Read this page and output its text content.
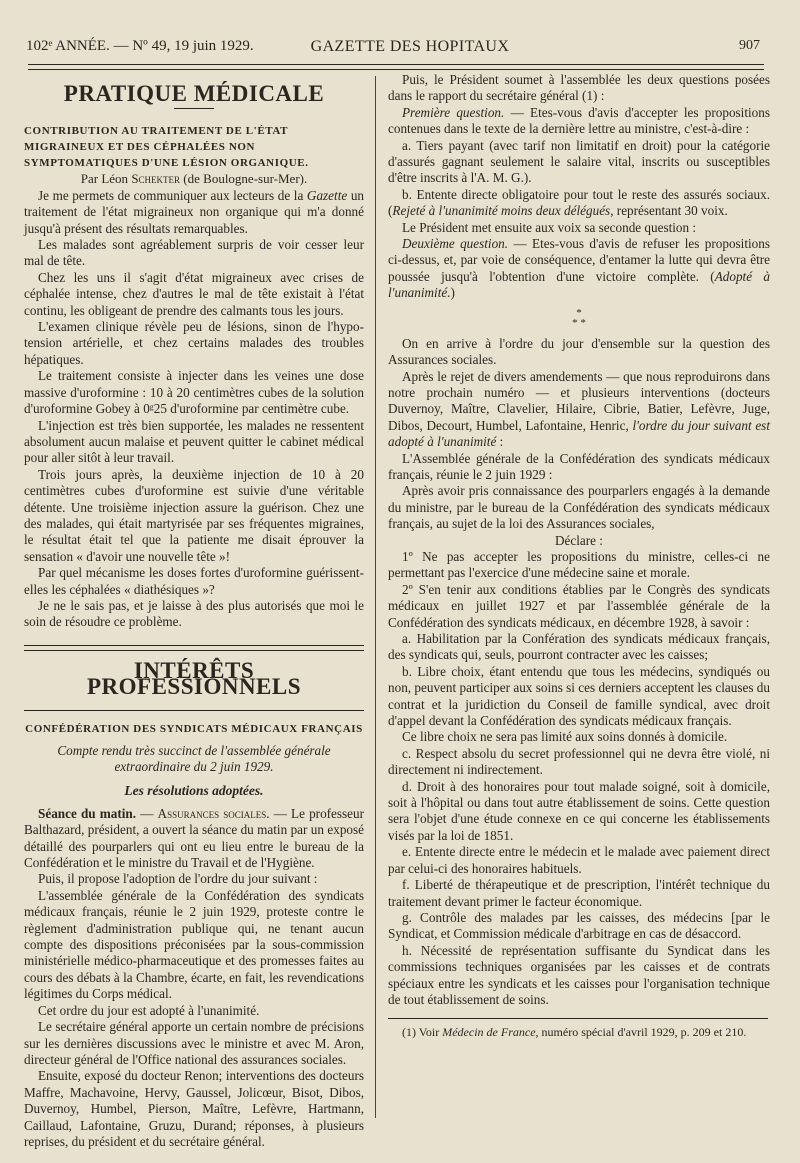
102ᵉ ANNÉE. — Nº 49, 19 juin 1929.	GAZETTE DES HOPITAUX	907
PRATIQUE MÉDICALE

CONTRIBUTION AU TRAITEMENT DE L'ÉTAT MIGRAINEUX ET DES CÉPHALÉES NON SYMPTOMATIQUES D'UNE LÉSION ORGANIQUE.

Par Léon Schekter (de Boulogne-sur-Mer).

Je me permets de communiquer aux lecteurs de la Gazette un traitement de l'état migraineux non organique qui m'a donné jusqu'à présent des résultats remarquables.

Les malades sont agréablement surpris de voir cesser leur mal de tête.

Chez les uns il s'agit d'état migraineux avec crises de céphalée intense, chez d'autres le mal de tête existait à l'état continu, les obligeant de prendre des calmants tous les jours.

L'examen clinique révèle peu de lésions, sinon de l'hypo-tension artérielle, et chez certains malades des troubles hépatiques.

Le traitement consiste à injecter dans les veines une dose massive d'uroformine : 10 à 20 centimètres cubes de la solution d'uroformine Gobey à 0ᵍ25 d'uroformine par centimètre cube.

L'injection est très bien supportée, les malades ne ressentent absolument aucun malaise et peuvent quitter le cabinet médical pour aller sitôt à leur travail.

Trois jours après, la deuxième injection de 10 à 20 centimètres cubes d'uroformine est suivie d'une véritable détente. Une troisième injection assure la guérison. Chez une des malades, qui était martyrisée par ses fréquentes migraines, le résultat était tel que la patiente me disait éprouver la sensation « d'avoir une nouvelle tête »!

Par quel mécanisme les doses fortes d'uroformine guérissent-elles les céphalées « diathésiques »?

Je ne le sais pas, et je laisse à des plus autorisés que moi le soin de résoudre ce problème.

INTÉRÊTS PROFESSIONNELS

CONFÉDÉRATION DES SYNDICATS MÉDICAUX FRANÇAIS

Compte rendu très succinct de l'assemblée générale extraordinaire du 2 juin 1929.

Les résolutions adoptées.

Séance du matin. — Assurances sociales. — Le professeur Balthazard, président, a ouvert la séance du matin par un exposé détaillé des pourparlers qui ont eu lieu entre le bureau de la Confédération et le ministre du Travail et de l'Hygiène.

Puis, il propose l'adoption de l'ordre du jour suivant :

L'assemblée générale de la Confédération des syndicats médicaux français, réunie le 2 juin 1929, proteste contre le règlement d'administration publique qui, ne tenant aucun compte des dispositions préconisées par la sous-commission ministérielle médico-pharmaceutique et des promesses faites au cours des débats à la Chambre, écarte, en fait, les revendications légitimes du Corps médical.

Cet ordre du jour est adopté à l'unanimité.

Le secrétaire général apporte un certain nombre de précisions sur les dernières discussions avec le ministre et avec M. Aron, directeur général de l'Office national des assurances sociales.

Ensuite, exposé du docteur Renon; interventions des docteurs Maffre, Machavoine, Hervy, Gaussel, Jolicœur, Bisot, Dibos, Duvernoy, Humbel, Pierson, Maître, Lefèvre, Hartmann, Caillaud, Lafontaine, Gruzu, Durand; réponses, à plusieurs reprises, du président et du secrétaire général.

Puis, le Président soumet à l'assemblée les deux questions posées dans le rapport du secrétaire général (1) :

Première question. — Etes-vous d'avis d'accepter les propositions contenues dans le texte de la dernière lettre au ministre, c'est-à-dire :

a. Tiers payant (avec tarif non limitatif en droit) pour la catégorie d'assurés gagnant seulement le salaire vital, inscrits ou susceptibles d'être inscrits à l'A. M. G.).

b. Entente directe obligatoire pour tout le reste des assurés sociaux. (Rejeté à l'unanimité moins deux délégués, représentant 30 voix.

Le Président met ensuite aux voix sa seconde question :

Deuxième question. — Etes-vous d'avis de refuser les propositions ci-dessus, et, par voie de conséquence, d'entamer la lutte qui devra être poussée jusqu'à l'obtention d'une victoire complète. (Adopté à l'unanimité.)

*
* *

On en arrive à l'ordre du jour d'ensemble sur la question des Assurances sociales.

Après le rejet de divers amendements — que nous reproduirons dans notre prochain numéro — et plusieurs interventions (docteurs Duvernoy, Maître, Clavelier, Hilaire, Cibrie, Batier, Lefèvre, Juge, Dibos, Decourt, Humbel, Lafontaine, Henric, l'ordre du jour suivant est adopté à l'unanimité :

L'Assemblée générale de la Confédération des syndicats médicaux français, réunie le 2 juin 1929 :

Après avoir pris connaissance des pourparlers engagés à la demande du ministre, par le bureau de la Confédération des syndicats médicaux français, au sujet de la loi des Assurances sociales,

Déclare :

1º Ne pas accepter les propositions du ministre, celles-ci ne permettant pas l'exercice d'une médecine saine et morale.

2º S'en tenir aux conditions établies par le Congrès des syndicats médicaux en juillet 1927 et par l'assemblée générale de la Confédération des syndicats médicaux, en décembre 1928, à savoir :

a. Habilitation par la Confération des syndicats médicaux français, des syndicats qui, seuls, pourront contracter avec les caisses;

b. Libre choix, étant entendu que tous les médecins, syndiqués ou non, peuvent participer aux soins si ces derniers acceptent les clauses du contrat et la juridiction du Conseil de famille syndical, avec droit d'appel devant la Confédération des syndicats médicaux français.

Ce libre choix ne sera pas limité aux soins donnés à domicile.

c. Respect absolu du secret professionnel qui ne devra être violé, ni directement ni indirectement.

d. Droit à des honoraires pour tout malade soigné, soit à domicile, soit à l'hôpital ou dans tout autre établissement de soins. Cette question sera l'objet d'une étude connexe en ce qui concerne les établissements visés par la loi de 1851.

e. Entente directe entre le médecin et le malade avec paiement direct par celui-ci des honoraires habituels.

f. Liberté de thérapeutique et de prescription, l'intérêt technique du traitement devant primer le facteur économique.

g. Contrôle des malades par les caisses, des médecins [par le Syndicat, et Commission médicale d'arbitrage en cas de désaccord.

h. Nécessité de représentation suffisante du Syndicat dans les commissions techniques organisées par les caisses et de contrats spéciaux entre les syndicats et les caisses pour l'organisation technique de tout établissement de soins.

(1) Voir Médecin de France, numéro spécial d'avril 1929, p. 209 et 210.
